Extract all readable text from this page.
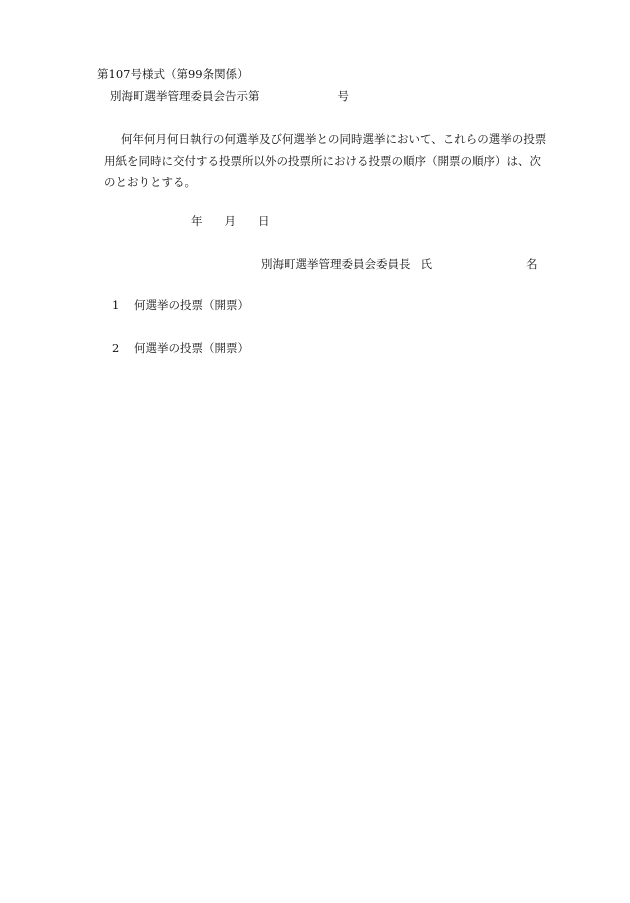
第107号様式（第99条関係）
別海町選挙管理委員会告示第	号
何年何月何日執行の何選挙及び何選挙との同時選挙において、これらの選挙の投票用紙を同時に交付する投票所以外の投票所における投票の順序（開票の順序）は、次のとおりとする。
年 月 日
別海町選挙管理委員会委員長 氏	名
1 何選挙の投票（開票）
2 何選挙の投票（開票）
